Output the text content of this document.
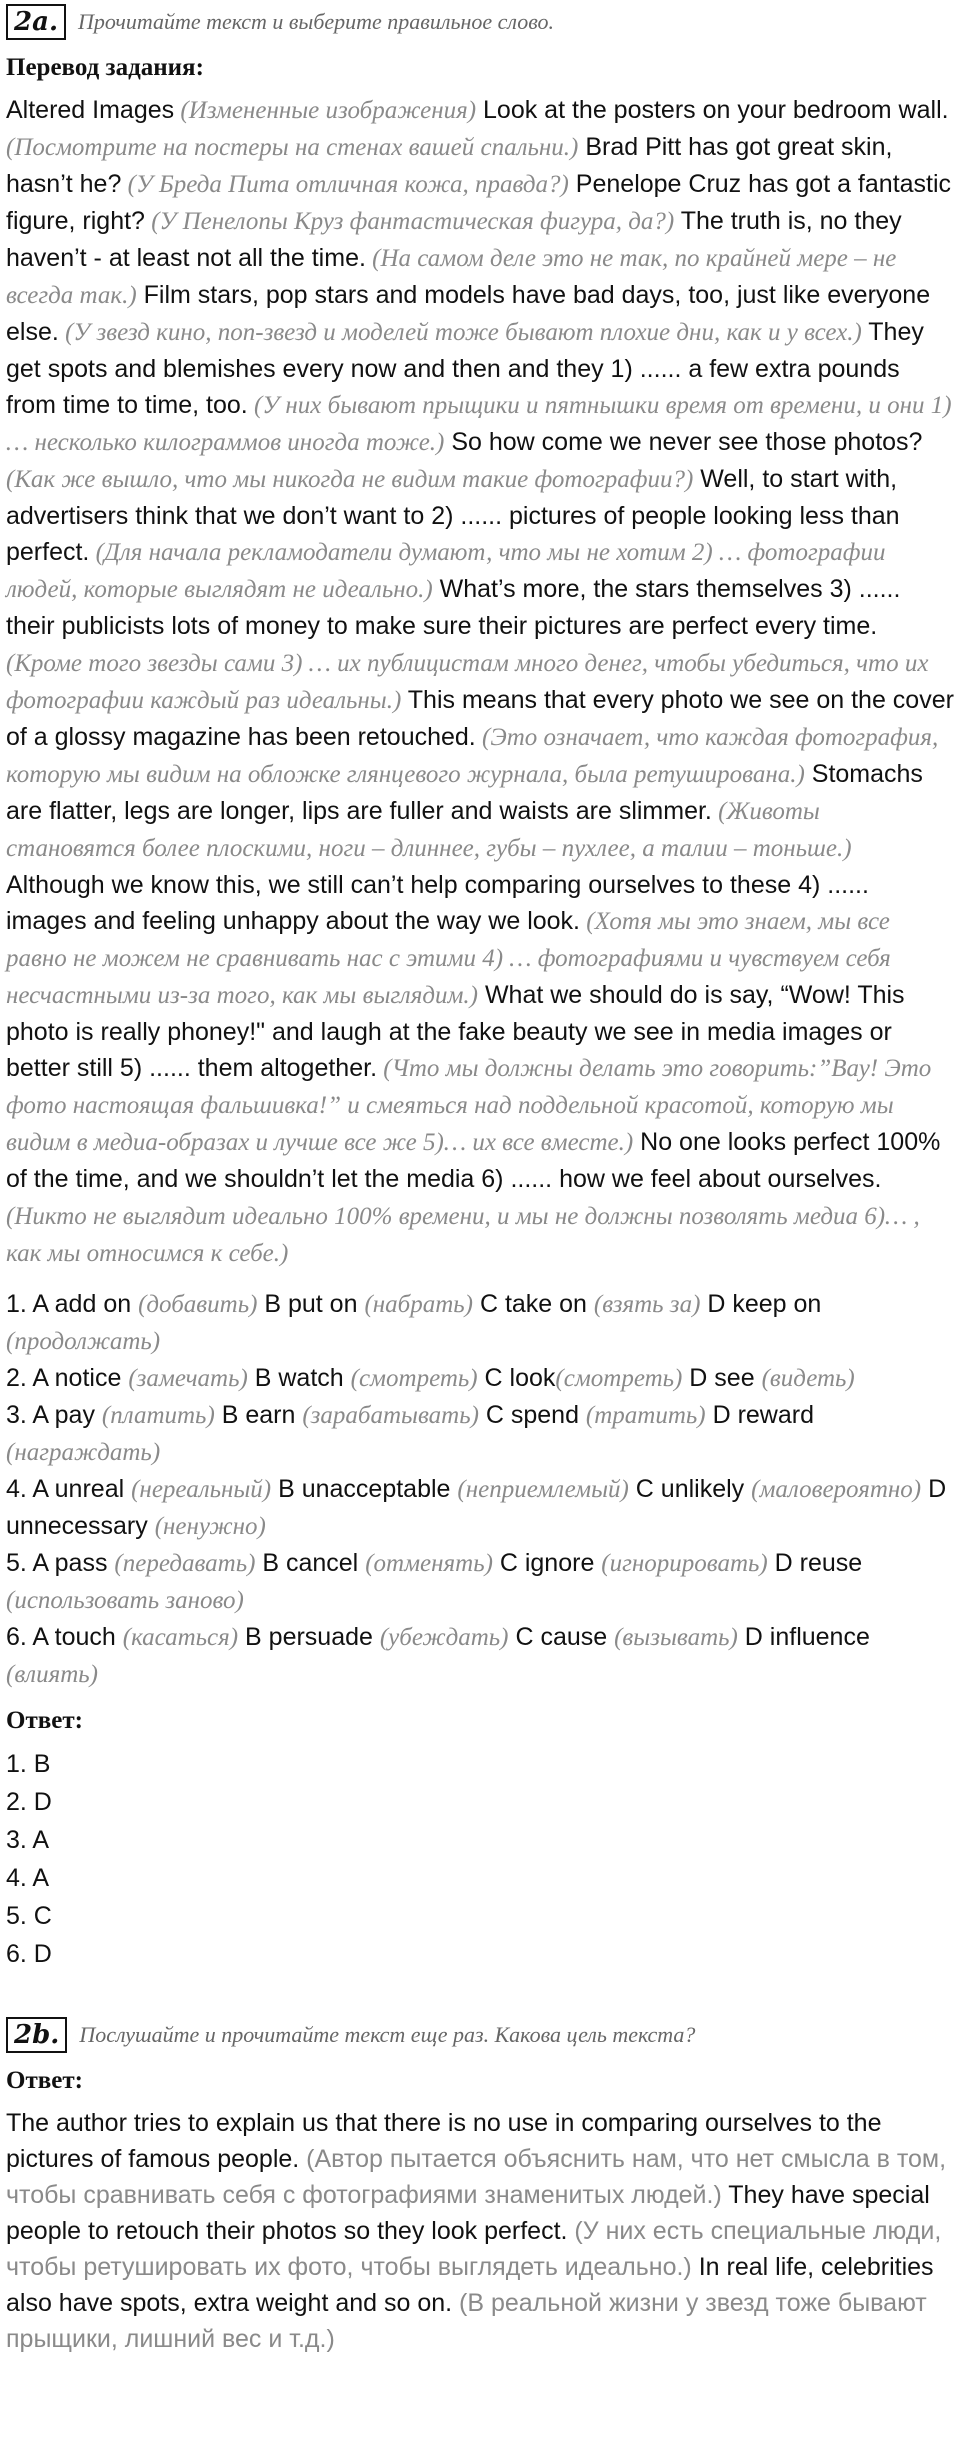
2a. Прочитайте текст и выберите правильное слово.
Перевод задания:

Altered Images (Измененные изображения) Look at the posters on your bedroom wall. (Посмотрите на постеры на стенах вашей спальни.) Brad Pitt has got great skin, hasn’t he? (У Бреда Пита отличная кожа, правда?) Penelope Cruz has got a fantastic figure, right? (У Пенелопы Круз фантастическая фигура, да?) The truth is, no they haven’t - at least not all the time. (На самом деле это не так, по крайней мере – не всегда так.) Film stars, pop stars and models have bad days, too, just like everyone else. (У звезд кино, поп-звезд и моделей тоже бывают плохие дни, как и у всех.) They get spots and blemishes every now and then and they 1) ...... a few extra pounds from time to time, too. (У них бывают прыщики и пятнышки время от времени, и они 1) … несколько килограммов иногда тоже.) So how come we never see those photos? (Как же вышло, что мы никогда не видим такие фотографии?) Well, to start with, advertisers think that we don’t want to 2) ...... pictures of people looking less than perfect. (Для начала рекламодатели думают, что мы не хотим 2) … фотографии людей, которые выглядят не идеально.) What’s more, the stars themselves 3) ...... their publicists lots of money to make sure their pictures are perfect every time. (Кроме того звезды сами 3) … их публицистам много денег, чтобы убедиться, что их фотографии каждый раз идеальны.) This means that every photo we see on the cover of a glossy magazine has been retouched. (Это означает, что каждая фотография, которую мы видим на обложке глянцевого журнала, была ретуширована.) Stomachs are flatter, legs are longer, lips are fuller and waists are slimmer. (Животы становятся более плоскими, ноги – длиннее, губы – пухлее, а талии – тоньше.) Although we know this, we still can’t help comparing ourselves to these 4) ...... images and feeling unhappy about the way we look. (Хотя мы это знаем, мы все равно не можем не сравнивать нас с этими 4) … фотографиями и чувствуем себя несчастными из-за того, как мы выглядим.) What we should do is say, “Wow! This photo is really phoney!" and laugh at the fake beauty we see in media images or better still 5) ...... them altogether. (Что мы должны делать это говорить:”Вау! Это фото настоящая фальшивка!” и смеяться над поддельной красотой, которую мы видим в медиа-образах и лучше все же 5)… их все вместе.) No one looks perfect 100% of the time, and we shouldn’t let the media 6) ...... how we feel about ourselves. (Никто не выглядит идеально 100% времени, и мы не должны позволять медиа 6)… , как мы относимся к себе.)

1. A add on (добавить) B put on (набрать) C take on (взять за) D keep on (продолжать)

2. A notice (замечать) B watch (смотреть) C look(смотреть) D see (видеть)

3. A pay (платить) B earn (зарабатывать) C spend (тратить) D reward (награждать)

4. A unreal (нереальный) B unacceptable (неприемлемый) C unlikely (маловероятно) D unnecessary (ненужно)

5. A pass (передавать) B cancel (отменять) C ignore (игнорировать) D reuse (использовать заново)

6. A touch (касаться) B persuade (убеждать) C cause (вызывать) D influence (влиять)

Ответ:

1. B

2. D

3. A

4. A

5. C

6. D

2b. Послушайте и прочитайте текст еще раз. Какова цель текста?
Ответ:

The author tries to explain us that there is no use in comparing ourselves to the pictures of famous people. (Автор пытается объяснить нам, что нет смысла в том, чтобы сравнивать себя с фотографиями знаменитых людей.) They have special people to retouch their photos so they look perfect. (У них есть специальные люди, чтобы ретушировать их фото, чтобы выглядеть идеально.) In real life, celebrities also have spots, extra weight and so on. (В реальной жизни у звезд тоже бывают прыщики, лишний вес и т.д.)
